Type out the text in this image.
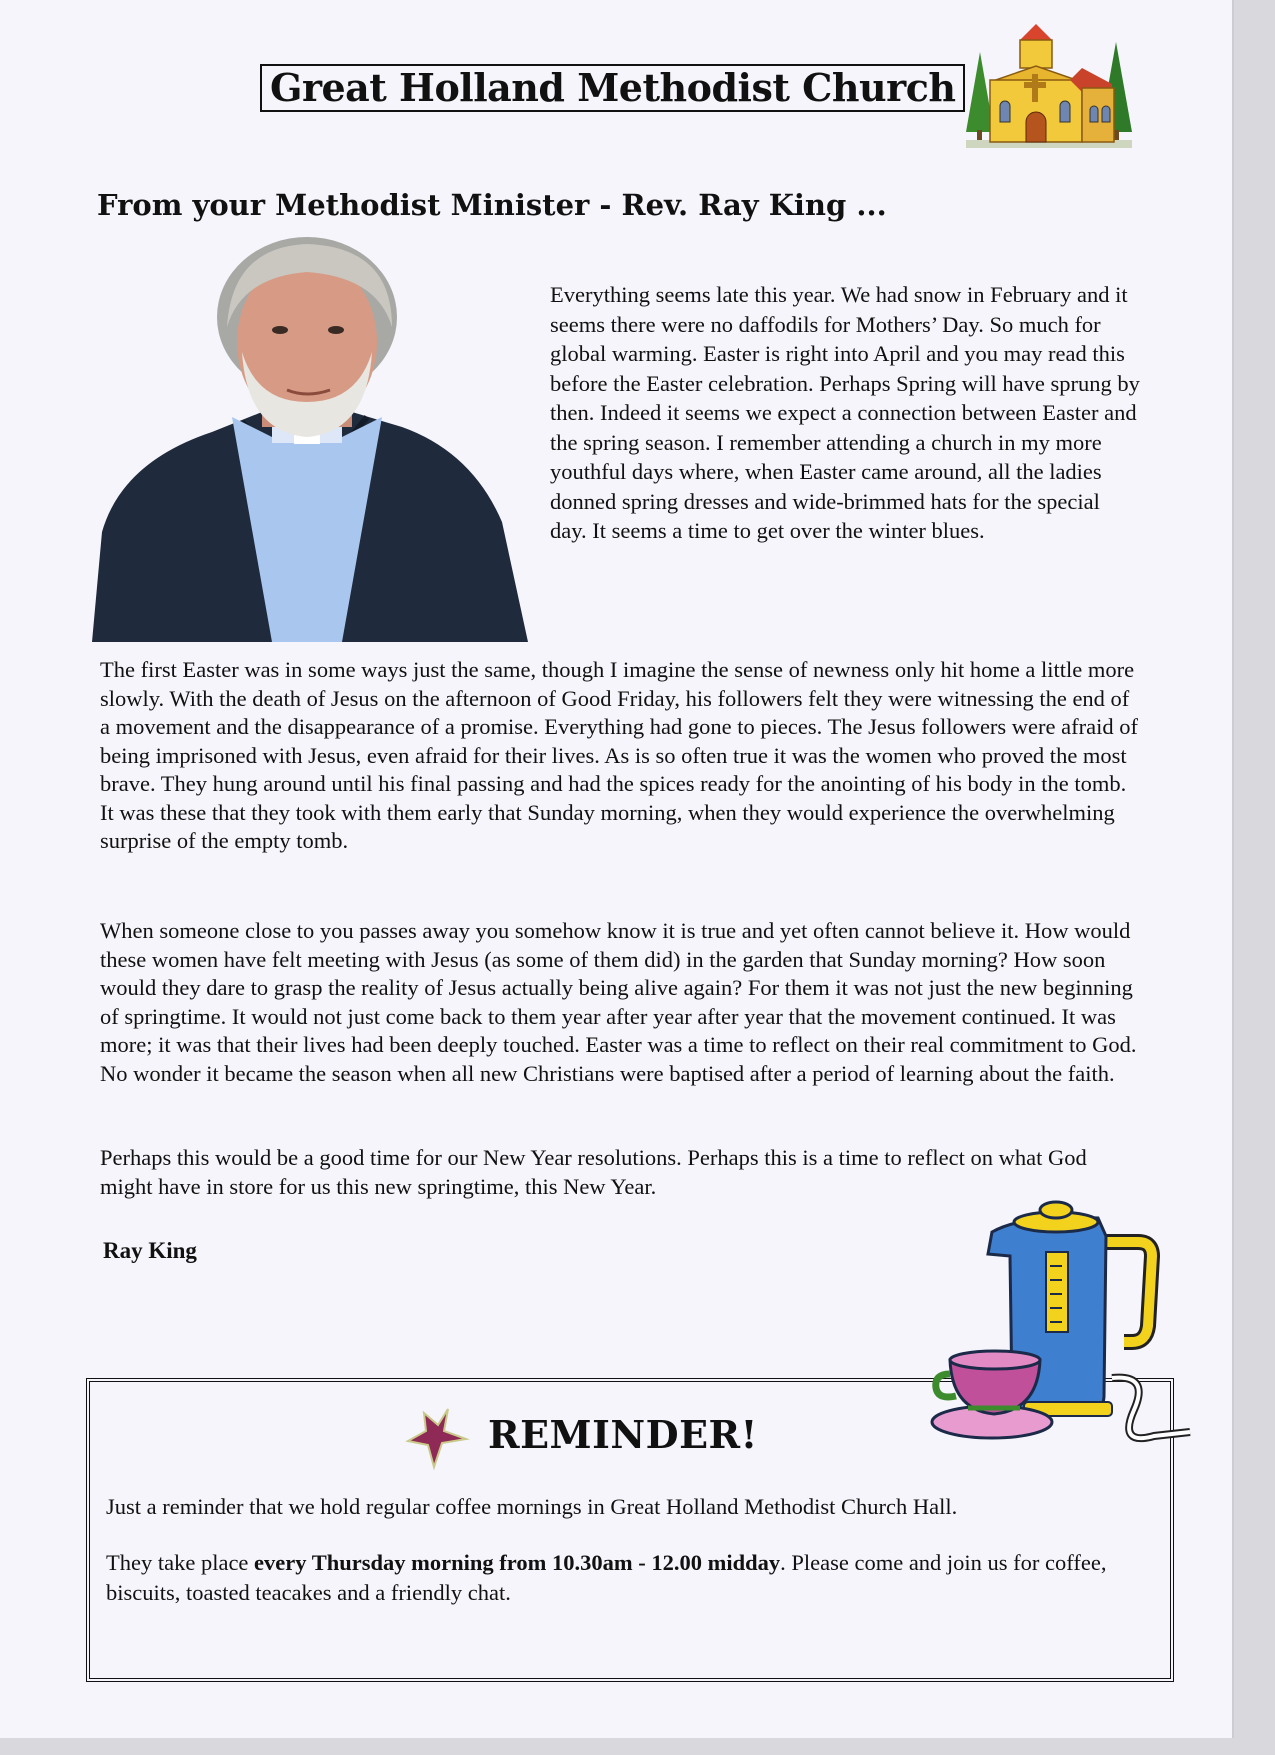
Great Holland Methodist Church
From your Methodist Minister - Rev. Ray King ...
Everything seems late this year. We had snow in February and it seems there were no daffodils for Mothers’ Day. So much for global warming. Easter is right into April and you may read this before the Easter celebration. Perhaps Spring will have sprung by then. Indeed it seems we expect a connection between Easter and the spring season. I remember attending a church in my more youthful days where, when Easter came around, all the ladies donned spring dresses and wide-brimmed hats for the special day. It seems a time to get over the winter blues.
The first Easter was in some ways just the same, though I imagine the sense of newness only hit home a little more slowly. With the death of Jesus on the afternoon of Good Friday, his followers felt they were witnessing the end of a movement and the disappearance of a promise. Everything had gone to pieces. The Jesus followers were afraid of being imprisoned with Jesus, even afraid for their lives. As is so often true it was the women who proved the most brave. They hung around until his final passing and had the spices ready for the anointing of his body in the tomb. It was these that they took with them early that Sunday morning, when they would experience the overwhelming surprise of the empty tomb.
When someone close to you passes away you somehow know it is true and yet often cannot believe it. How would these women have felt meeting with Jesus (as some of them did) in the garden that Sunday morning? How soon would they dare to grasp the reality of Jesus actually being alive again? For them it was not just the new beginning of springtime. It would not just come back to them year after year after year that the movement continued. It was more; it was that their lives had been deeply touched. Easter was a time to reflect on their real commitment to God. No wonder it became the season when all new Christians were baptised after a period of learning about the faith.
Perhaps this would be a good time for our New Year resolutions. Perhaps this is a time to reflect on what God might have in store for us this new springtime, this New Year.
Ray King
REMINDER!
Just a reminder that we hold regular coffee mornings in Great Holland Methodist Church Hall.
They take place every Thursday morning from 10.30am - 12.00 midday. Please come and join us for coffee, biscuits, toasted teacakes and a friendly chat.
